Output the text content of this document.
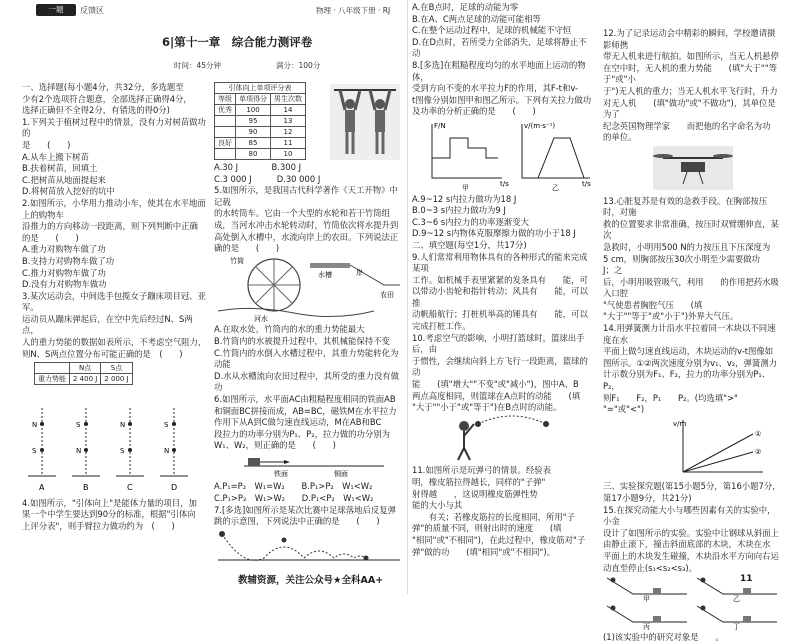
一题	反馈区	物理 · 八年级下册 · RJ
6|第十一章　综合能力测评卷
时间：45分钟	满分：100分
一、选择题(每小题4分，共32分，多选题至
少有2个选项符合题意，全部选择正确得4分，
选择正确但不全得2分，有错选的得0分)
1.下列关于植树过程中的情景，没有力对树苗做功的
是　　(　　)
A.从车上搬下树苗
B.扶着树苗，回填土
C.把树苗从地面提起来
D.将树苗放入挖好的坑中
2.如图所示，小华用力推动小车，使其在水平地面上的购物车
沿推力的方向移动一段距离，则下列判断中正确
的是　　(　　)
A.重力对购物车做了功
B.支持力对购物车做了功
C.推力对购物车做了功
D.没有力对购物车做功
3.某次运动会，中间选手包揽女子蹦床项目冠、亚军。
运动员从蹦床弹起后，在空中先后经过N、S两点，
人的重力势能的数据如表所示，不考虑空气阻力，
则N、S两点位置分布可能正确的是　(　　)
	N点	S点
重力势能	2 400 J	2 000 J
N
S
A
N
S
B
N
S
C
N
S
D
4.如图所示，"引体向上"是能体力量的项目，加
果一个中学生要达到90分的标准，根据"引体向
上评分表"，则手臂拉力做功约为　(　　)
引体向上单项评分表		
等级	单项得分	男生次数
优秀	100	14
	95	13
	90	12
良好	85	11
	80	10
A.30 J　　　　B.300 J
C.3 000 J　　　D.30 000 J
5.如图所示，是我国古代科学著作《天工开物》中记载
的水转筒车。它由一个大型的水轮和若干竹筒组
成，当河水冲击水轮转动时，竹筒依次将水提升到
高处倒入水槽中，水流向岸上的农田。下列说法正
确的是　　(　　)
竹筒
水槽	岸
农田
河水
A.在取水处，竹筒内的水的重力势能最大
B.竹筒内的水被提升过程中，其机械能保持不变
C.竹筒内的水倒入水槽过程中，其重力势能转化为
动能
D.水从水槽流向农田过程中，其所受的重力没有做
功
6.如图所示，水平面AC由粗糙程度相同的铁面AB
和铜面BC拼接而成，AB=BC，磁铁M在水平拉力
作用下从A到C做匀速直线运动，M在AB和BC
段拉力的功率分别为P₁、P₂，拉力做的功分别为
W₁、W₂，则正确的是　　(　　)
铁面	铜面
A.P₁=P₂　W₁=W₂　　B.P₁>P₂　W₁<W₂
C.P₁>P₂　W₁>W₂　　D.P₁<P₂　W₁<W₂
7.[多选]如图所示是某次比赛中足球落地后反复弹
跳的示意图，下列说法中正确的是　　(　　)
A.在B点时，足球的动能为零
B.在A、C两点足球的动能可能相等
C.在整个运动过程中，足球的机械能不守恒
D.在D点时，若所受力全部消失，足球将静止不动
8.[多选]在粗糙程度均匀的水平地面上运动的物体，
受到方向不变的水平拉力F的作用，其F-t和v-
t图像分别如图甲和图乙所示。下列有关拉力做功
及功率的分析正确的是　　(　　)
F/N	v/(m·s⁻¹)
t/s	t/s
甲	乙
A.9~12 s内拉力做功为18 J
B.0~3 s内拉力做功为9 J
C.3~6 s内拉力的功率逐渐变大
D.9~12 s内物体克服摩擦力做的功小于18 J
二、填空题(每空1分，共17分)
9.人们常常利用物体具有的各种形式的能来完成某项
工作。如机械手表里紧紧的发条具有　　能，可
以带动小齿轮和指针转动；风具有　　能，可以推
动帆船航行；打桩机举高的锤具有　　能，可以
完成打桩工作。
10.考虑空气的影响，小明打篮球时，篮球出手后，由
于惯性，会继续向斜上方飞行一段距离，篮球的动
能　　(填"增大""不变"或"减小")，图中A、B
两点高度相同，则篮球在A点时的动能　　(填
"大于""小于"或"等于")在B点时的动能。
11.如图所示是玩弹弓的情景。经验表
明，橡皮筋拉得越长，同样的"子弹"
射得越　　，这说明橡皮筋弹性势
能的大小与其
　　有关；若橡皮筋拉的长度相同，所用"子
弹"的质量不同，则射出时的速度　　(填
"相同"或"不相同")，在此过程中，橡皮筋对"子
弹"做的功　　(填"相同"或"不相同")。
12.为了记录运动会中精彩的瞬间，学校邀请摄影师携
带无人机来进行航拍。如图所示，当无人机悬停
在空中时，无人机的重力势能　　(填"大于""等于"或"小
于")无人机的重力；当无人机水平飞行时，升力
对无人机　　(填"做功"或"不做功")，其单位是为了
纪念英国物理学家　　而把他的名字命名为功
的单位。
13.心脏复苏是有效的急救手段。在胸部按压时，对施
救的位置要求非常准确，按压时双臂绷伸直，某次
急救时，小明用500 N的力按压且下压深度为
5 cm，则胸部按压30次小明至少需要做功　　J；之
后，小明用吸管吸气，利用　　的作用把药水吸入口腔
"气使患者胸腔气压　　(填
"大于""等于"或"小于")外界大气压。
14.用弹簧测力计沿水平拉着同一木块以不同速度在水
平面上做匀速直线运动，木块运动的v-t图像如
图所示。①②两次速度分别为v₁、v₂，弹簧测力
计示数分别为F₁、F₂，拉力的功率分别为P₁、P₂，
则F₁　　F₂，P₁　　P₂。(均选填">"
"="或"<")
①
②
v/m
三、实验探究题(第15小题5分，第16小题7分，
第17小题9分，共21分)
15.在探究动能大小与哪些因素有关的实验中，小金
设计了如图所示的实验。实验中让钢球从斜面上
由静止滚下，撞击斜面底部的木块，木块在水
平面上的木块发生碰撞，木块沿水平方向向右运
动直至停止(s₁<s₂<s₃)。
甲	乙
丙	丁
(1)该实验中的研究对象是　　。
教辅资源，关注公众号★全科AA+	11
